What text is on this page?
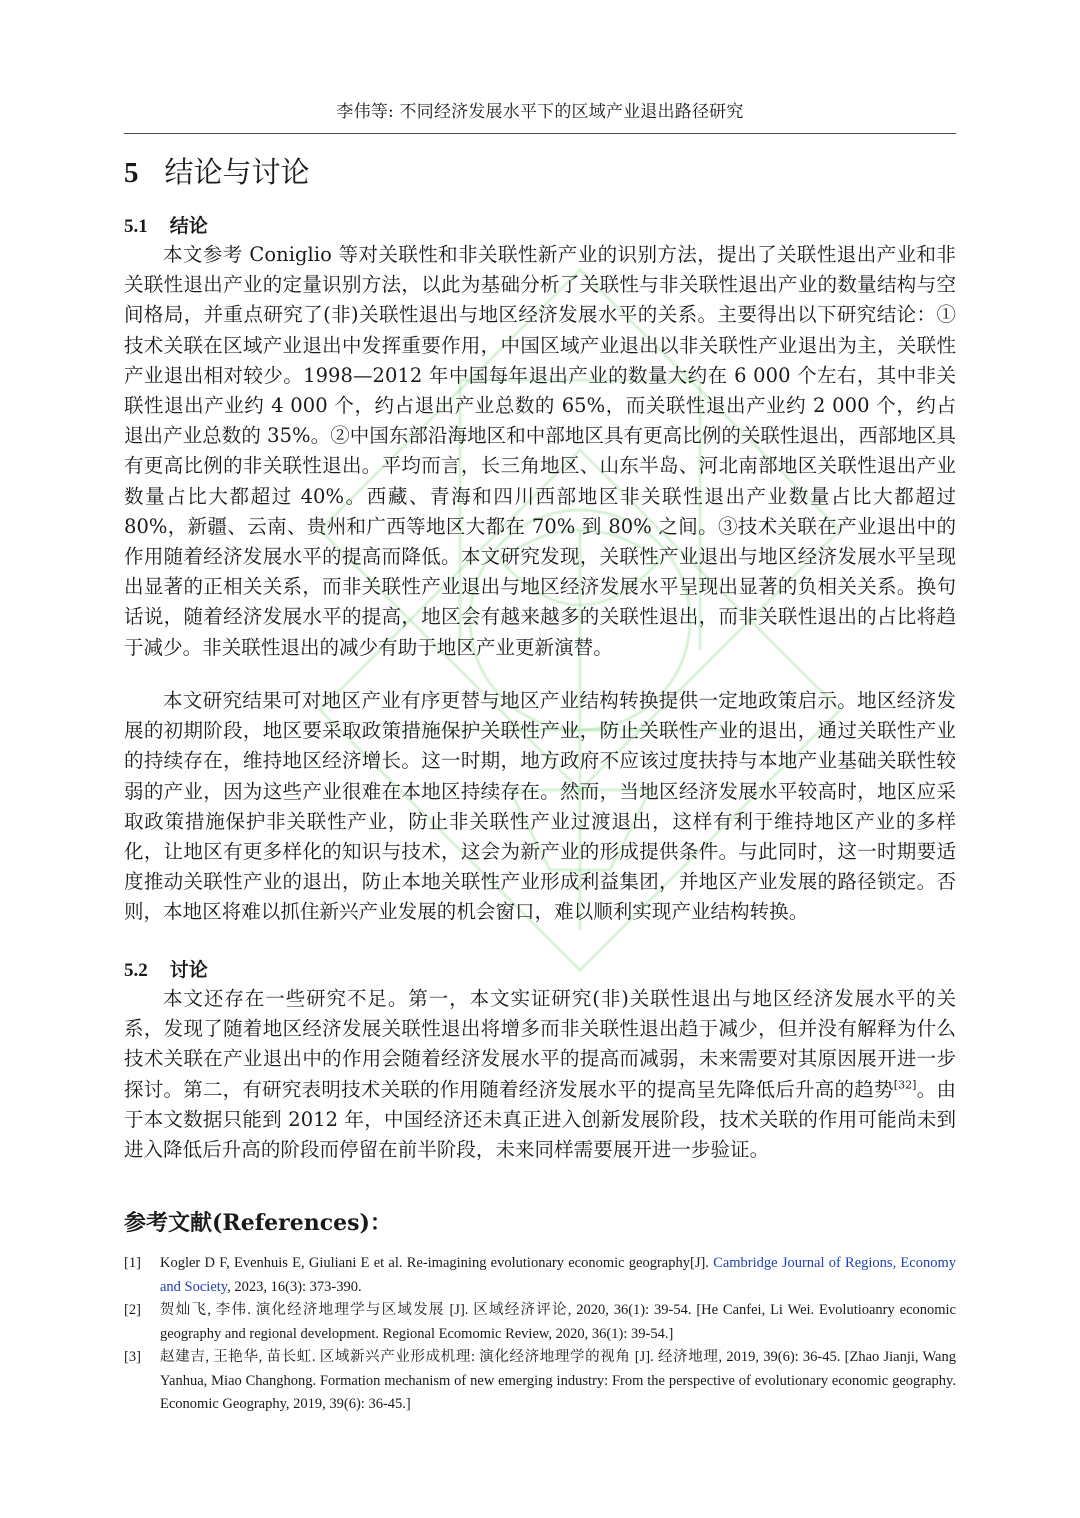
李伟等: 不同经济发展水平下的区域产业退出路径研究
5 结论与讨论
5.1 结论

本文参考 Coniglio 等对关联性和非关联性新产业的识别方法，提出了关联性退出产业和非关联性退出产业的定量识别方法，以此为基础分析了关联性与非关联性退出产业的数量结构与空间格局，并重点研究了(非)关联性退出与地区经济发展水平的关系。主要得出以下研究结论：①技术关联在区域产业退出中发挥重要作用，中国区域产业退出以非关联性产业退出为主，关联性产业退出相对较少。1998—2012 年中国每年退出产业的数量大约在 6 000 个左右，其中非关联性退出产业约 4 000 个，约占退出产业总数的 65%，而关联性退出产业约 2 000 个，约占退出产业总数的 35%。②中国东部沿海地区和中部地区具有更高比例的关联性退出，西部地区具有更高比例的非关联性退出。平均而言，长三角地区、山东半岛、河北南部地区关联性退出产业数量占比大都超过 40%。西藏、青海和四川西部地区非关联性退出产业数量占比大都超过 80%，新疆、云南、贵州和广西等地区大都在 70% 到 80% 之间。③技术关联在产业退出中的作用随着经济发展水平的提高而降低。本文研究发现，关联性产业退出与地区经济发展水平呈现出显著的正相关关系，而非关联性产业退出与地区经济发展水平呈现出显著的负相关关系。换句话说，随着经济发展水平的提高，地区会有越来越多的关联性退出，而非关联性退出的占比将趋于减少。非关联性退出的减少有助于地区产业更新演替。

本文研究结果可对地区产业有序更替与地区产业结构转换提供一定地政策启示。地区经济发展的初期阶段，地区要采取政策措施保护关联性产业，防止关联性产业的退出，通过关联性产业的持续存在，维持地区经济增长。这一时期，地方政府不应该过度扶持与本地产业基础关联性较弱的产业，因为这些产业很难在本地区持续存在。然而，当地区经济发展水平较高时，地区应采取政策措施保护非关联性产业，防止非关联性产业过渡退出，这样有利于维持地区产业的多样化，让地区有更多样化的知识与技术，这会为新产业的形成提供条件。与此同时，这一时期要适度推动关联性产业的退出，防止本地关联性产业形成利益集团，并地区产业发展的路径锁定。否则，本地区将难以抓住新兴产业发展的机会窗口，难以顺利实现产业结构转换。

5.2 讨论

本文还存在一些研究不足。第一，本文实证研究(非)关联性退出与地区经济发展水平的关系，发现了随着地区经济发展关联性退出将增多而非关联性退出趋于减少，但并没有解释为什么技术关联在产业退出中的作用会随着经济发展水平的提高而减弱，未来需要对其原因展开进一步探讨。第二，有研究表明技术关联的作用随着经济发展水平的提高呈先降低后升高的趋势[32]。由于本文数据只能到 2012 年，中国经济还未真正进入创新发展阶段，技术关联的作用可能尚未到进入降低后升高的阶段而停留在前半阶段，未来同样需要展开进一步验证。

参考文献(References)：
[1] Kogler D F, Evenhuis E, Giuliani E et al. Re-imagining evolutionary economic geography[J]. Cambridge Journal of Regions, Economy and Society, 2023, 16(3): 373-390.
[2] 贺灿飞, 李伟. 演化经济地理学与区域发展 [J]. 区域经济评论, 2020, 36(1): 39-54. [He Canfei, Li Wei. Evolutioanry economic geography and regional development. Regional Ecomomic Review, 2020, 36(1): 39-54.]
[3] 赵建吉, 王艳华, 苗长虹. 区域新兴产业形成机理: 演化经济地理学的视角 [J]. 经济地理, 2019, 39(6): 36-45. [Zhao Jianji, Wang Yanhua, Miao Changhong. Formation mechanism of new emerging industry: From the perspective of evolutionary economic geography. Economic Geography, 2019, 39(6): 36-45.]
